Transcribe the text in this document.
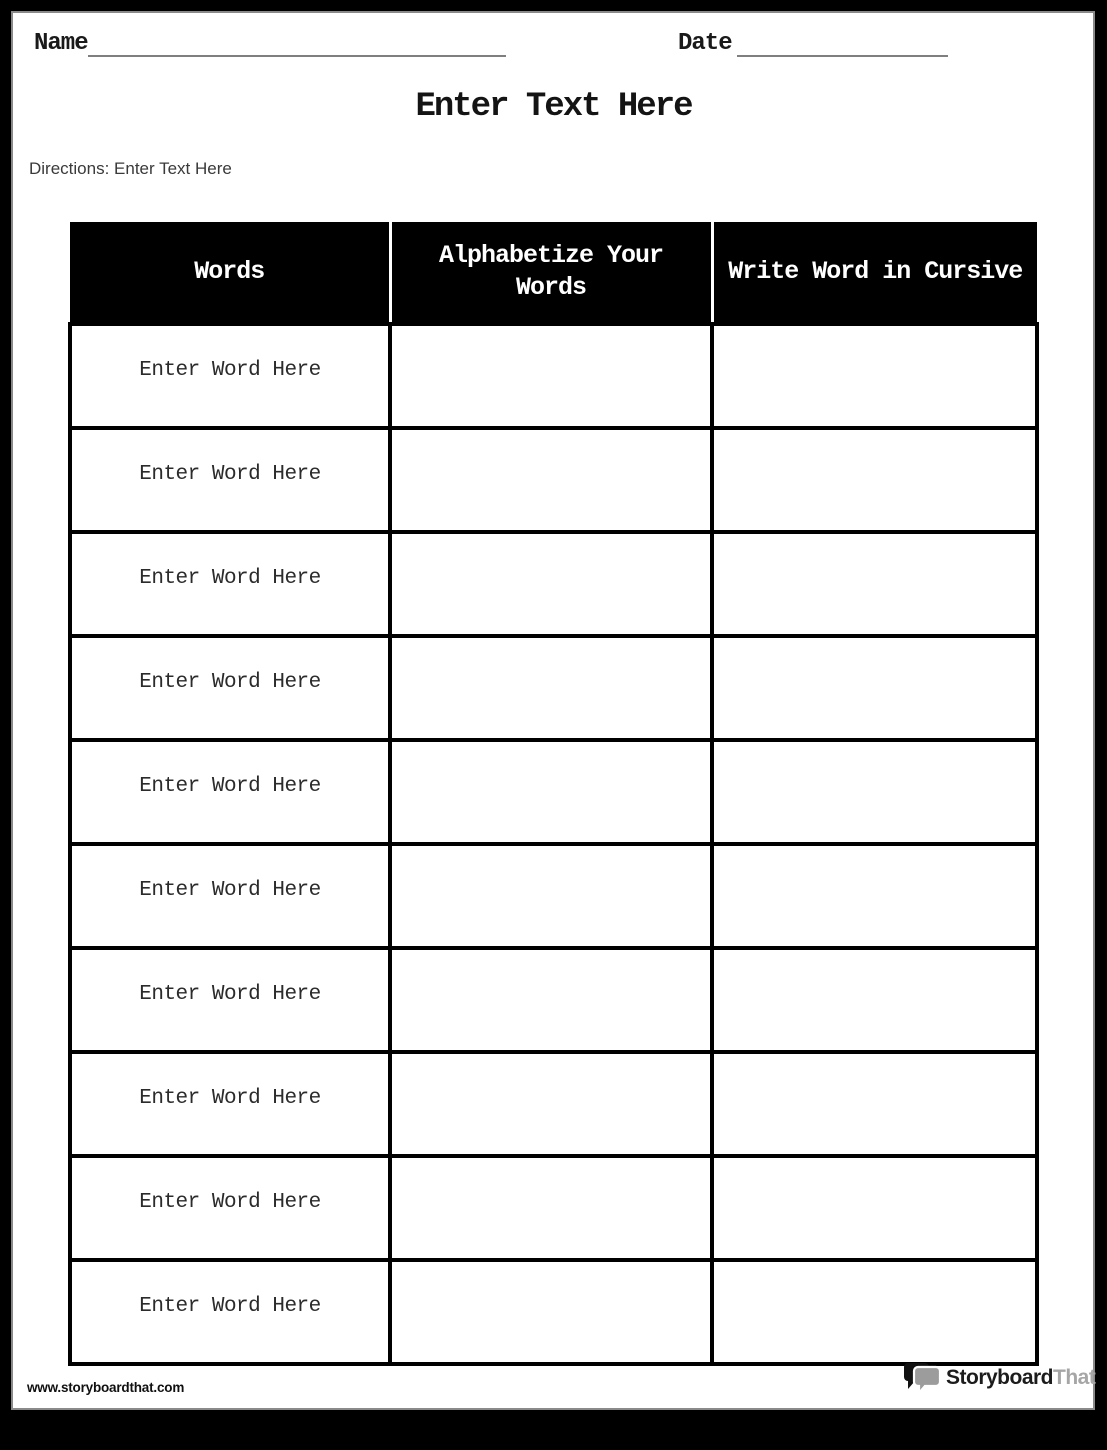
Name	Date
Enter Text Here
Directions: Enter Text Here
Words	Alphabetize Your Words	Write Word in Cursive
Enter Word Here		
Enter Word Here		
Enter Word Here		
Enter Word Here		
Enter Word Here		
Enter Word Here		
Enter Word Here		
Enter Word Here		
Enter Word Here		
Enter Word Here		
www.storyboardthat.com	StoryboardThat
